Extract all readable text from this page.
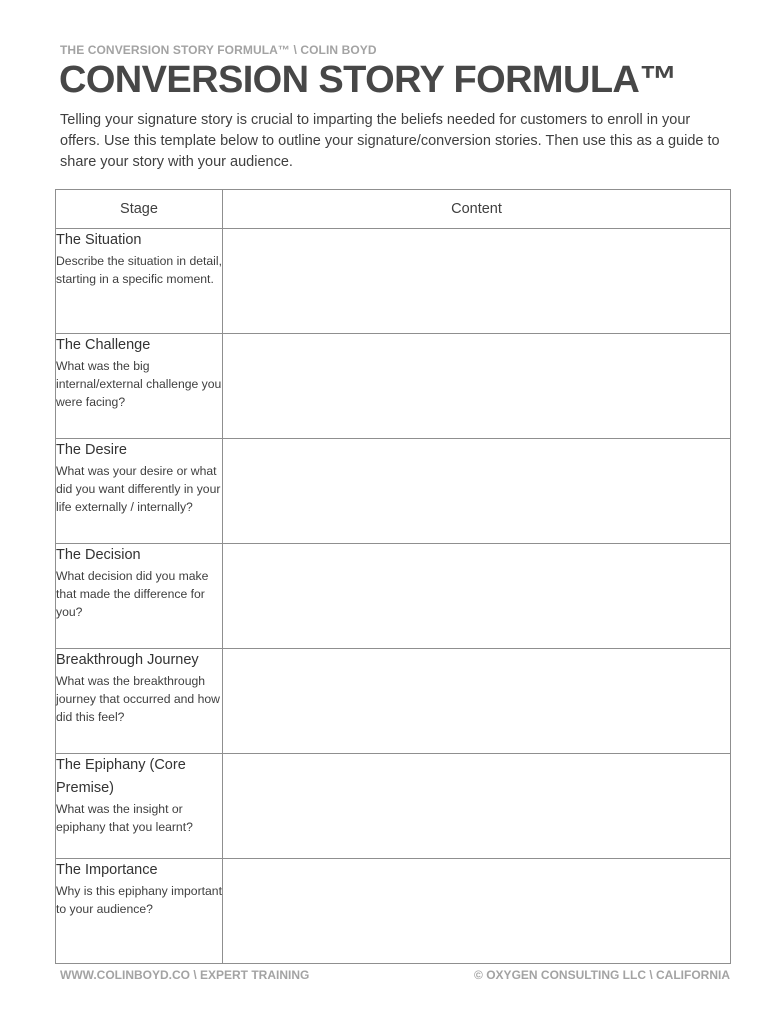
THE CONVERSION STORY FORMULA™ \ COLIN BOYD
CONVERSION STORY FORMULA™

Telling your signature story is crucial to imparting the beliefs needed for customers to enroll in your offers. Use this template below to outline your signature/conversion stories. Then use this as a guide to share your story with your audience.

Stage	Content

The Situation
Describe the situation in detail, starting in a specific moment.	

The Challenge
What was the big internal/external challenge you were facing?	

The Desire
What was your desire or what did you want differently in your life externally / internally?	

The Decision
What decision did you make that made the difference for you?	

Breakthrough Journey
What was the breakthrough journey that occurred and how did this feel?	

The Epiphany (Core Premise)
What was the insight or epiphany that you learnt?	

The Importance
Why is this epiphany important to your audience?	

WWW.COLINBOYD.CO \ EXPERT TRAINING	© OXYGEN CONSULTING LLC \ CALIFORNIA
